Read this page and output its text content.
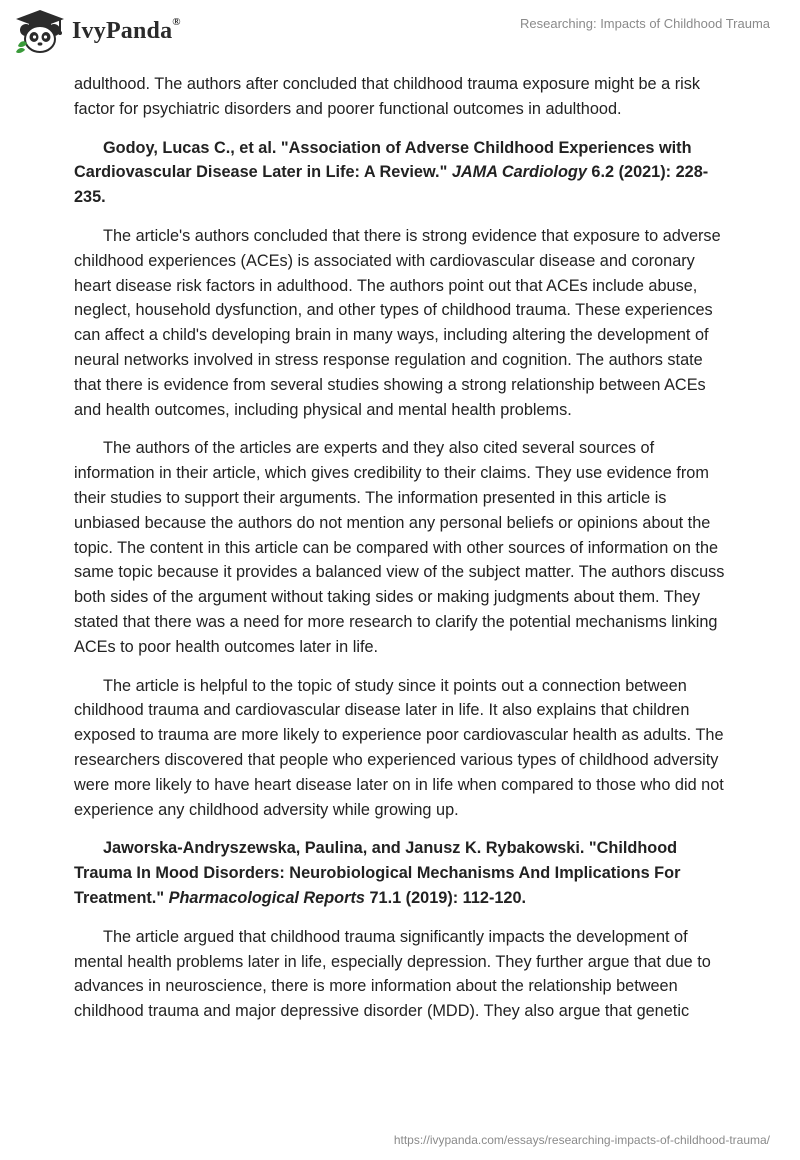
IvyPanda®	Researching: Impacts of Childhood Trauma

adulthood. The authors after concluded that childhood trauma exposure might be a risk factor for psychiatric disorders and poorer functional outcomes in adulthood.

Godoy, Lucas C., et al. "Association of Adverse Childhood Experiences with Cardiovascular Disease Later in Life: A Review." JAMA Cardiology 6.2 (2021): 228-235.

The article's authors concluded that there is strong evidence that exposure to adverse childhood experiences (ACEs) is associated with cardiovascular disease and coronary heart disease risk factors in adulthood. The authors point out that ACEs include abuse, neglect, household dysfunction, and other types of childhood trauma. These experiences can affect a child's developing brain in many ways, including altering the development of neural networks involved in stress response regulation and cognition. The authors state that there is evidence from several studies showing a strong relationship between ACEs and health outcomes, including physical and mental health problems.

The authors of the articles are experts and they also cited several sources of information in their article, which gives credibility to their claims. They use evidence from their studies to support their arguments. The information presented in this article is unbiased because the authors do not mention any personal beliefs or opinions about the topic. The content in this article can be compared with other sources of information on the same topic because it provides a balanced view of the subject matter. The authors discuss both sides of the argument without taking sides or making judgments about them. They stated that there was a need for more research to clarify the potential mechanisms linking ACEs to poor health outcomes later in life.

The article is helpful to the topic of study since it points out a connection between childhood trauma and cardiovascular disease later in life. It also explains that children exposed to trauma are more likely to experience poor cardiovascular health as adults. The researchers discovered that people who experienced various types of childhood adversity were more likely to have heart disease later on in life when compared to those who did not experience any childhood adversity while growing up.

Jaworska-Andryszewska, Paulina, and Janusz K. Rybakowski. "Childhood Trauma In Mood Disorders: Neurobiological Mechanisms And Implications For Treatment." Pharmacological Reports 71.1 (2019): 112-120.

The article argued that childhood trauma significantly impacts the development of mental health problems later in life, especially depression. They further argue that due to advances in neuroscience, there is more information about the relationship between childhood trauma and major depressive disorder (MDD). They also argue that genetic

https://ivypanda.com/essays/researching-impacts-of-childhood-trauma/
